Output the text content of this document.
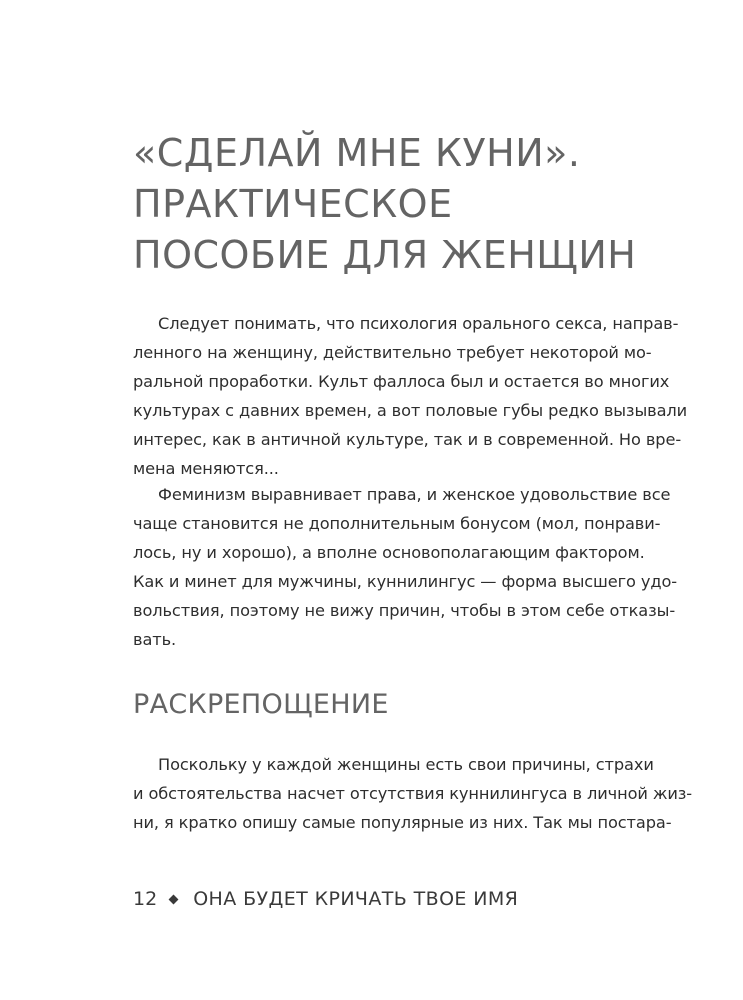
«СДЕЛАЙ МНЕ КУНИ».
ПРАКТИЧЕСКОЕ
ПОСОБИЕ ДЛЯ ЖЕНЩИН
Следует понимать, что психология орального секса, направ-
ленного на женщину, действительно требует некоторой мо-
ральной проработки. Культ фаллоса был и остается во многих
культурах с давних времен, а вот половые губы редко вызывали
интерес, как в античной культуре, так и в современной. Но вре-
мена меняются...
Феминизм выравнивает права, и женское удовольствие все
чаще становится не дополнительным бонусом (мол, понрави-
лось, ну и хорошо), а вполне основополагающим фактором.
Как и минет для мужчины, куннилингус — форма высшего удо-
вольствия, поэтому не вижу причин, чтобы в этом себе отказы-
вать.
РАСКРЕПОЩЕНИЕ
Поскольку у каждой женщины есть свои причины, страхи
и обстоятельства насчет отсутствия куннилингуса в личной жиз-
ни, я кратко опишу самые популярные из них. Так мы постара-
12 ОНА БУДЕТ КРИЧАТЬ ТВОЕ ИМЯ
